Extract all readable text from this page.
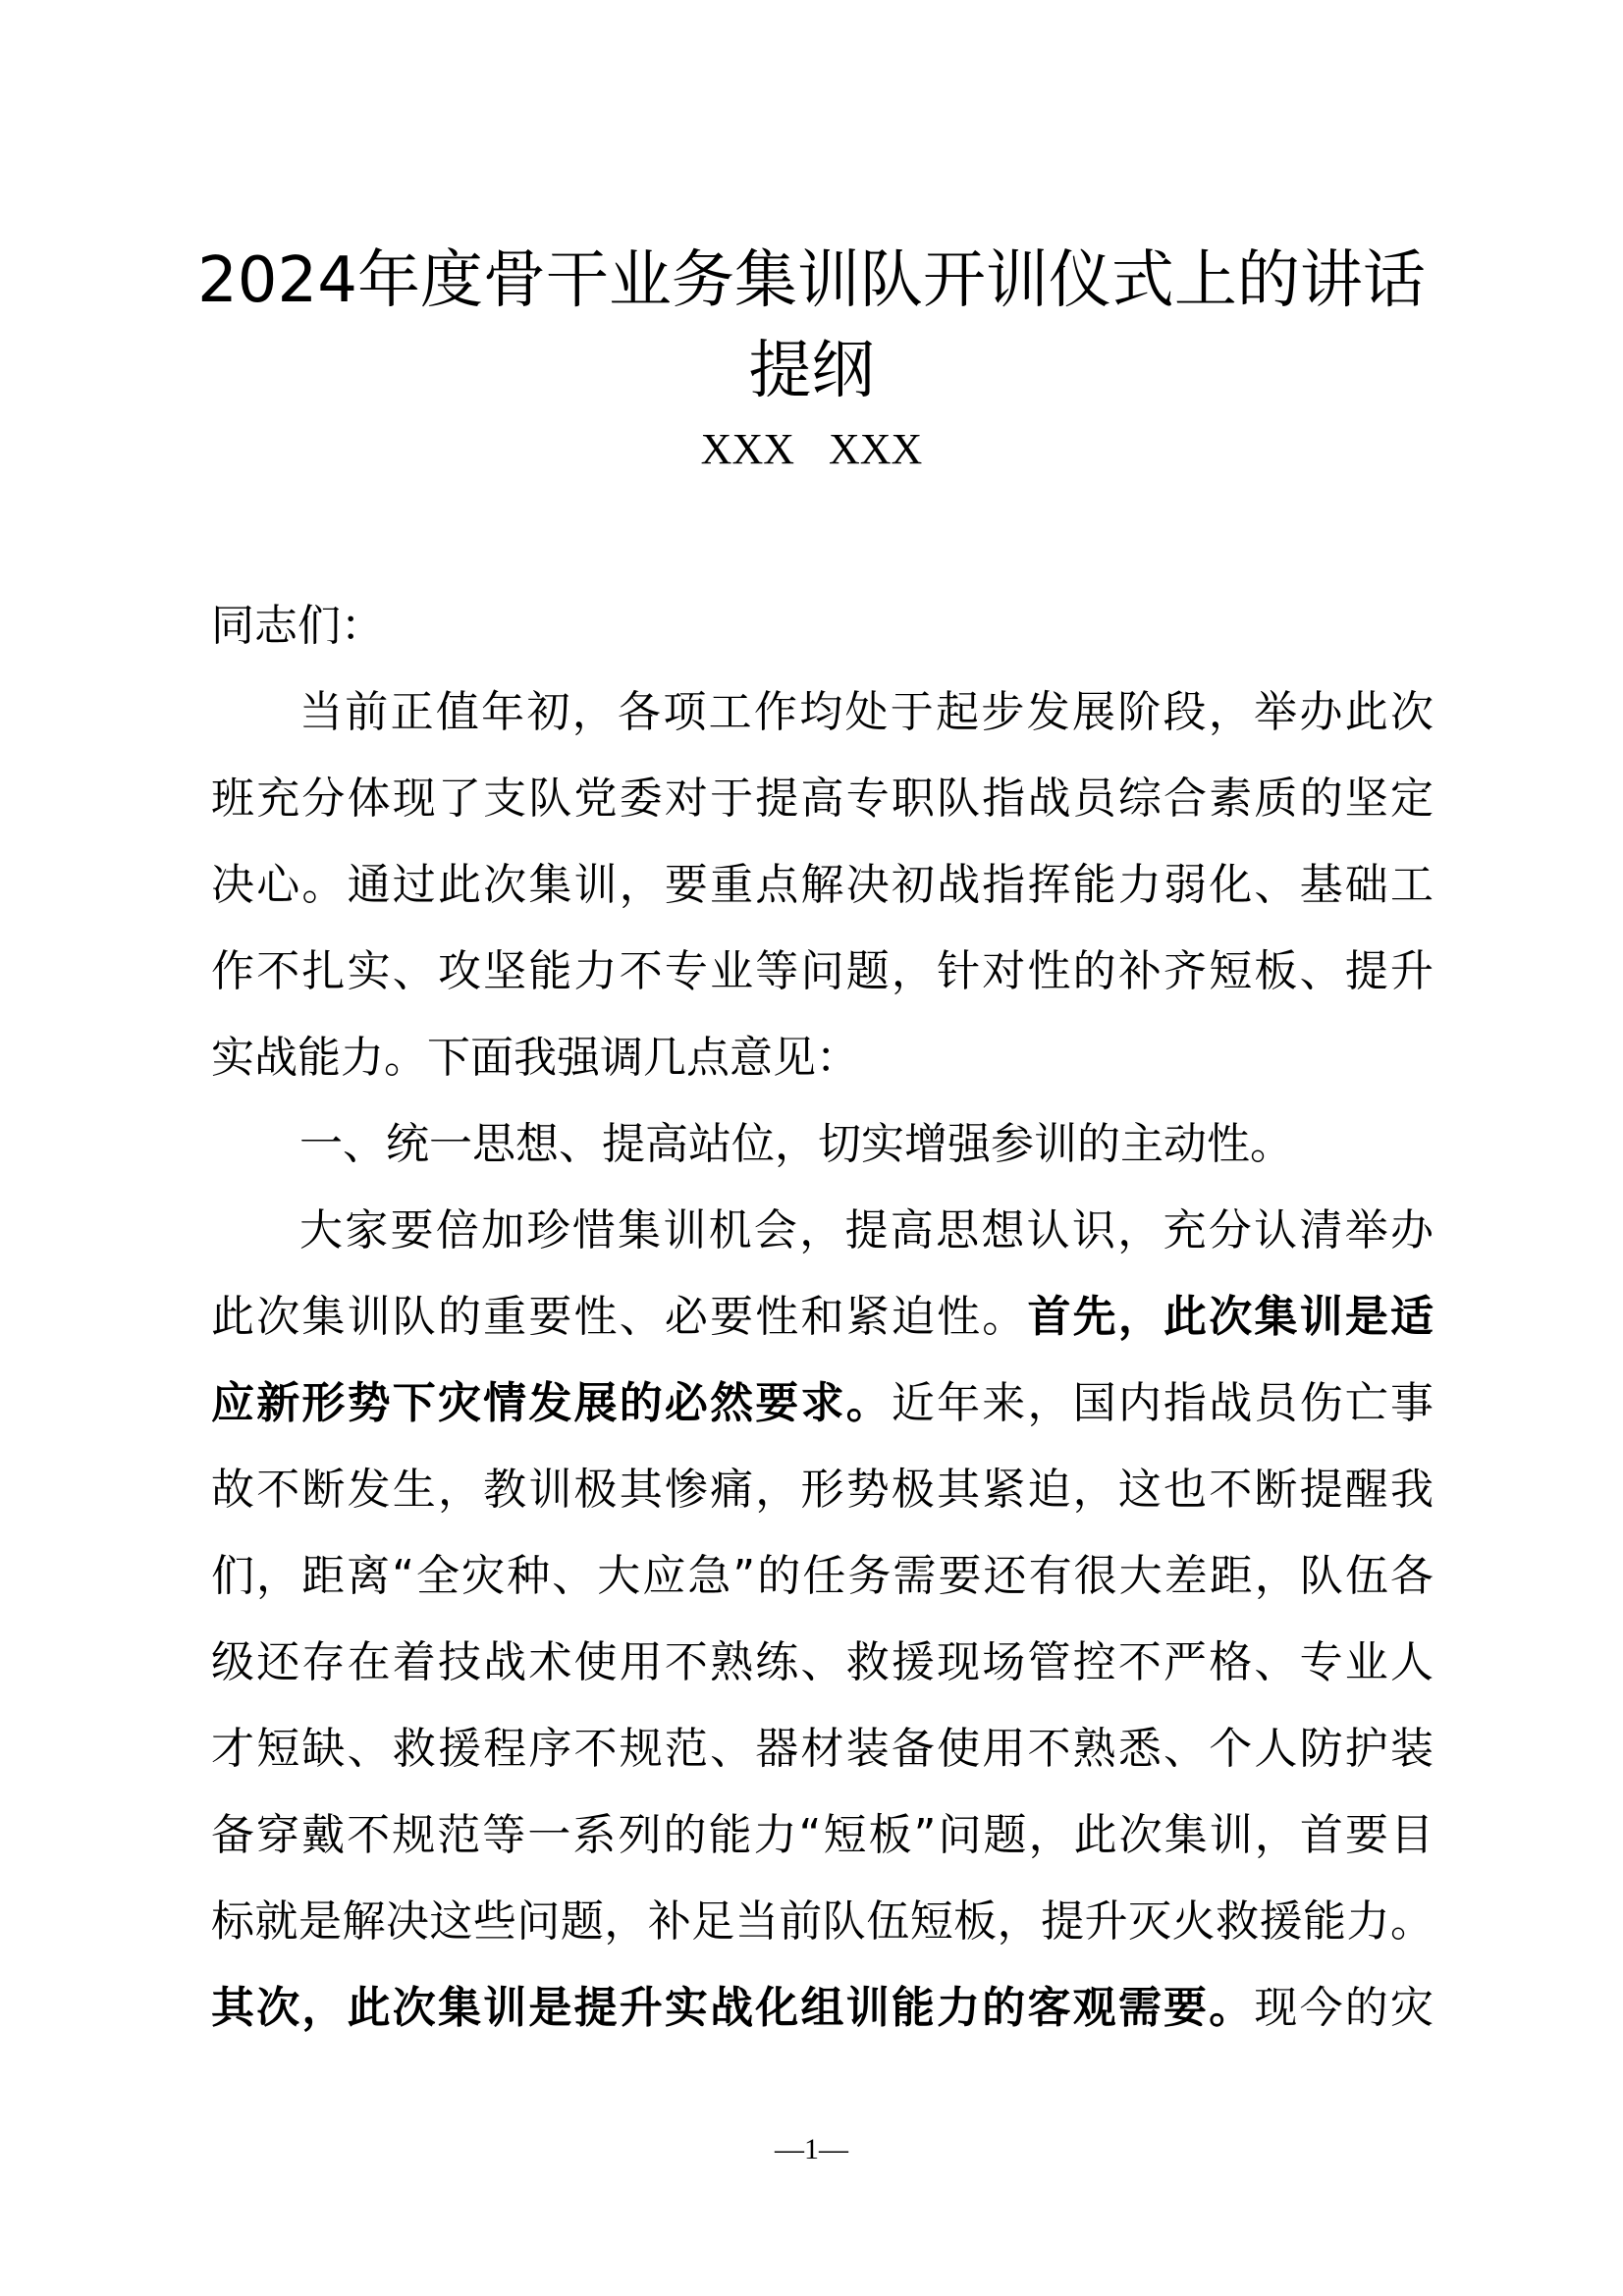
2024年度骨干业务集训队开训仪式上的讲话
提纲
XXX XXX
同志们：
当前正值年初，各项工作均处于起步发展阶段，举办此次
班充分体现了支队党委对于提高专职队指战员综合素质的坚定
决心。通过此次集训，要重点解决初战指挥能力弱化、基础工
作不扎实、攻坚能力不专业等问题，针对性的补齐短板、提升
实战能力。下面我强调几点意见：
一、统一思想、提高站位，切实增强参训的主动性。
大家要倍加珍惜集训机会，提高思想认识，充分认清举办
此次集训队的重要性、必要性和紧迫性。首先，此次集训是适
应新形势下灾情发展的必然要求。近年来，国内指战员伤亡事
故不断发生，教训极其惨痛，形势极其紧迫，这也不断提醒我
们，距离“全灾种、大应急”的任务需要还有很大差距，队伍各
级还存在着技战术使用不熟练、救援现场管控不严格、专业人
才短缺、救援程序不规范、器材装备使用不熟悉、个人防护装
备穿戴不规范等一系列的能力“短板”问题，此次集训，首要目
标就是解决这些问题，补足当前队伍短板，提升灭火救援能力。
其次，此次集训是提升实战化组训能力的客观需要。现今的灾
—1—
